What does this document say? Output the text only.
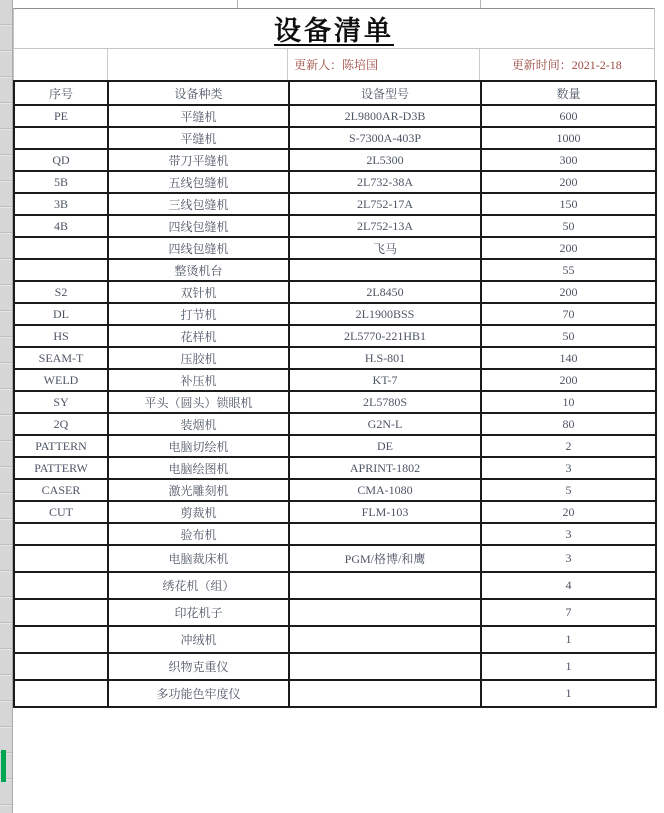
设备清单
更新人：陈培国	更新时间：2021-2-18
序号	设备种类	设备型号	数量
PE	平缝机	2L9800AR-D3B	600
	平缝机	S-7300A-403P	1000
QD	带刀平缝机	2L5300	300
5B	五线包缝机	2L732-38A	200
3B	三线包缝机	2L752-17A	150
4B	四线包缝机	2L752-13A	50
	四线包缝机	飞马	200
	整烫机台		55
S2	双针机	2L8450	200
DL	打节机	2L1900BSS	70
HS	花样机	2L5770-221HB1	50
SEAM-T	压胶机	H.S-801	140
WELD	补压机	KT-7	200
SY	平头（圆头）锁眼机	2L5780S	10
2Q	装烟机	G2N-L	80
PATTERN	电脑切绘机	DE	2
PATTERW	电脑绘图机	APRINT-1802	3
CASER	激光雕刻机	CMA-1080	5
CUT	剪裁机	FLM-103	20
	验布机		3
	电脑裁床机	PGM/格博/和鹰	3
	绣花机（组）		4
	印花机子		7
	冲绒机		1
	织物克重仪		1
	多功能色牢度仪		1
